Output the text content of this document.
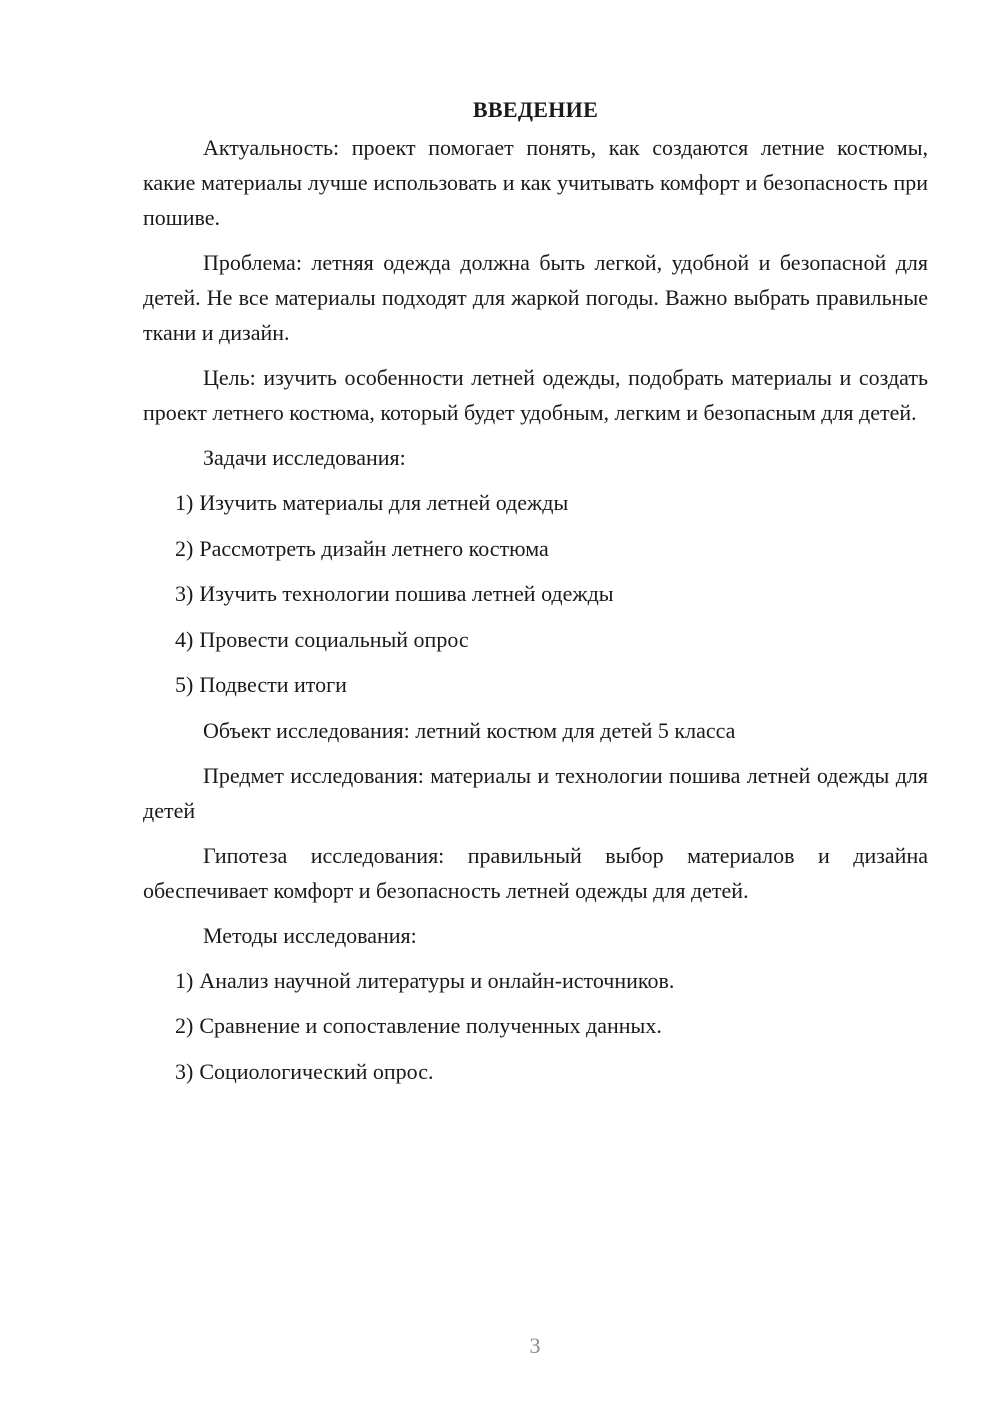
ВВЕДЕНИЕ

Актуальность: проект помогает понять, как создаются летние костюмы, какие материалы лучше использовать и как учитывать комфорт и безопасность при пошиве.

Проблема: летняя одежда должна быть легкой, удобной и безопасной для детей. Не все материалы подходят для жаркой погоды. Важно выбрать правильные ткани и дизайн.

Цель: изучить особенности летней одежды, подобрать материалы и создать проект летнего костюма, который будет удобным, легким и безопасным для детей.

Задачи исследования:

1) Изучить материалы для летней одежды
2) Рассмотреть дизайн летнего костюма
3) Изучить технологии пошива летней одежды
4) Провести социальный опрос
5) Подвести итоги

Объект исследования: летний костюм для детей 5 класса

Предмет исследования: материалы и технологии пошива летней одежды для детей

Гипотеза исследования: правильный выбор материалов и дизайна обеспечивает комфорт и безопасность летней одежды для детей.

Методы исследования:

1) Анализ научной литературы и онлайн-источников.
2) Сравнение и сопоставление полученных данных.
3) Социологический опрос.
3
